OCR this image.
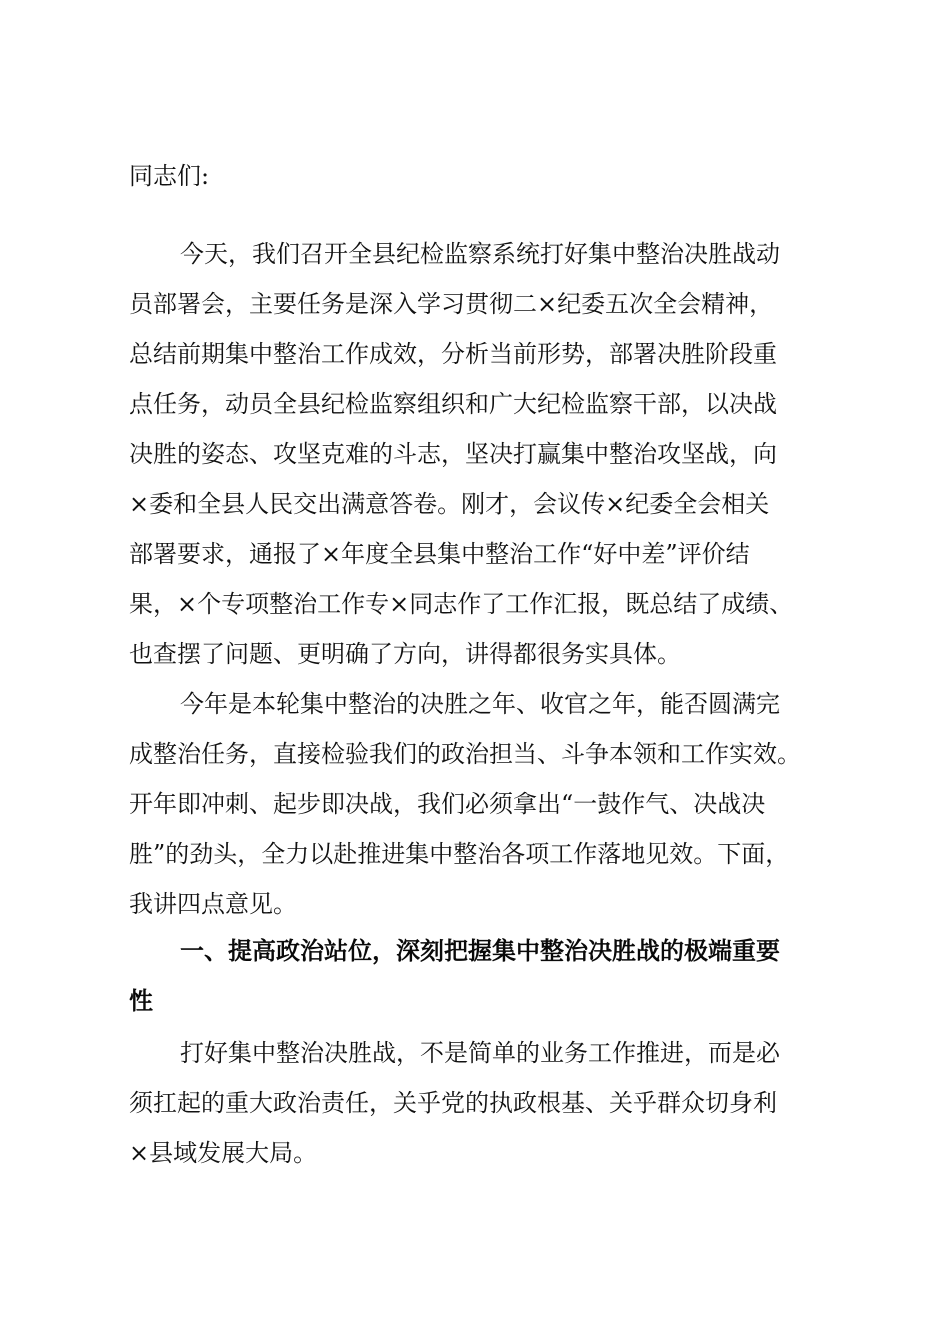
同志们:
今天，我们召开全县纪检监察系统打好集中整治决胜战动
员部署会，主要任务是深入学习贯彻二×纪委五次全会精神，
总结前期集中整治工作成效，分析当前形势，部署决胜阶段重
点任务，动员全县纪检监察组织和广大纪检监察干部，以决战
决胜的姿态、攻坚克难的斗志，坚决打赢集中整治攻坚战，向
×委和全县人民交出满意答卷。刚才，会议传×纪委全会相关
部署要求，通报了×年度全县集中整治工作“好中差”评价结
果，×个专项整治工作专×同志作了工作汇报，既总结了成绩、
也查摆了问题、更明确了方向，讲得都很务实具体。
今年是本轮集中整治的决胜之年、收官之年，能否圆满完
成整治任务，直接检验我们的政治担当、斗争本领和工作实效。
开年即冲刺、起步即决战，我们必须拿出“一鼓作气、决战决
胜”的劲头，全力以赴推进集中整治各项工作落地见效。下面，
我讲四点意见。
一、提高政治站位，深刻把握集中整治决胜战的极端重要
性
打好集中整治决胜战，不是简单的业务工作推进，而是必
须扛起的重大政治责任，关乎党的执政根基、关乎群众切身利
×县域发展大局。
